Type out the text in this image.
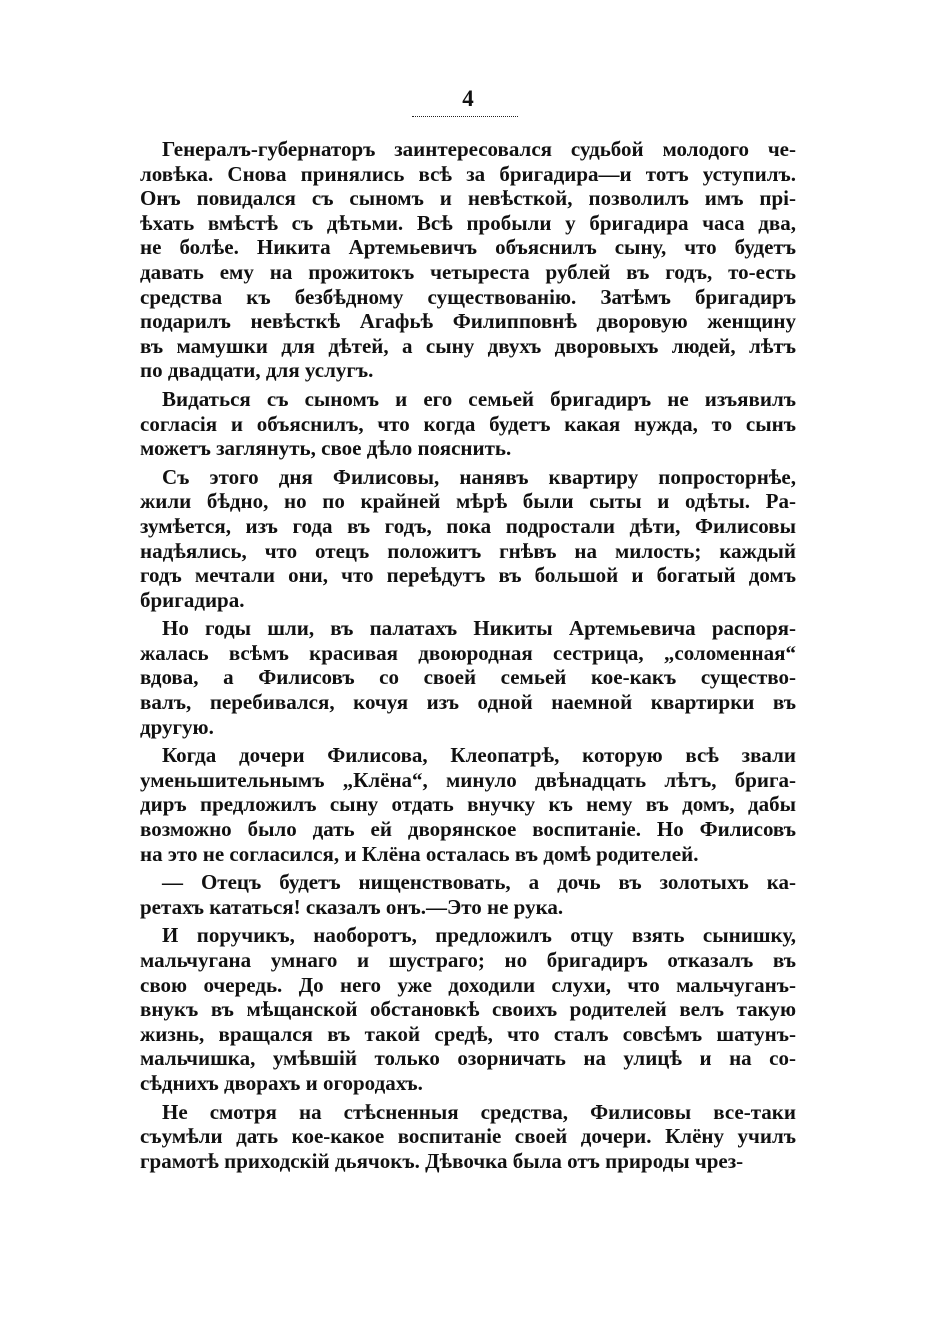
4
Генералъ-губернаторъ заинтересовался судьбой молодого че-
ловѣка. Снова принялись всѣ за бригадира—и тотъ уступилъ.
Онъ повидался съ сыномъ и невѣсткой, позволилъ имъ прі-
ѣхать вмѣстѣ съ дѣтьми. Всѣ пробыли у бригадира часа два,
не болѣе. Никита Артемьевичъ объяснилъ сыну, что будетъ
давать ему на прожитокъ четыреста рублей въ годъ, то-есть
средства къ безбѣдному существованію. Затѣмъ бригадиръ
подарилъ невѣсткѣ Агафьѣ Филипповнѣ дворовую женщину
въ мамушки для дѣтей, а сыну двухъ дворовыхъ людей, лѣтъ
по двадцати, для услугъ.
Видаться съ сыномъ и его семьей бригадиръ не изъявилъ
согласія и объяснилъ, что когда будетъ какая нужда, то сынъ
можетъ заглянуть, свое дѣло пояснить.
Съ этого дня Филисовы, нанявъ квартиру попросторнѣе,
жили бѣдно, но по крайней мѣрѣ были сыты и одѣты. Ра-
зумѣется, изъ года въ годъ, пока подростали дѣти, Филисовы
надѣялись, что отецъ положитъ гнѣвъ на милость; каждый
годъ мечтали они, что переѣдутъ въ большой и богатый домъ
бригадира.
Но годы шли, въ палатахъ Никиты Артемьевича распоря-
жалась всѣмъ красивая двоюродная сестрица, „соломенная“
вдова, а Филисовъ со своей семьей кое-какъ существо-
валъ, перебивался, кочуя изъ одной наемной квартирки въ
другую.
Когда дочери Филисова, Клеопатрѣ, которую всѣ звали
уменьшительнымъ „Клёна“, минуло двѣнадцать лѣтъ, брига-
диръ предложилъ сыну отдать внучку къ нему въ домъ, дабы
возможно было дать ей дворянское воспитаніе. Но Филисовъ
на это не согласился, и Клёна осталась въ домѣ родителей.
— Отецъ будетъ нищенствовать, а дочь въ золотыхъ ка-
ретахъ кататься! сказалъ онъ.—Это не рука.
И поручикъ, наоборотъ, предложилъ отцу взять сынишку,
мальчугана умнаго и шустраго; но бригадиръ отказалъ въ
свою очередь. До него уже доходили слухи, что мальчуганъ-
внукъ въ мѣщанской обстановкѣ своихъ родителей велъ такую
жизнь, вращался въ такой средѣ, что сталъ совсѣмъ шатунъ-
мальчишка, умѣвшій только озорничать на улицѣ и на со-
сѣднихъ дворахъ и огородахъ.
Не смотря на стѣсненныя средства, Филисовы все-таки
съумѣли дать кое-какое воспитаніе своей дочери. Клёну училъ
грамотѣ приходскій дьячокъ. Дѣвочка была отъ природы чрез-
